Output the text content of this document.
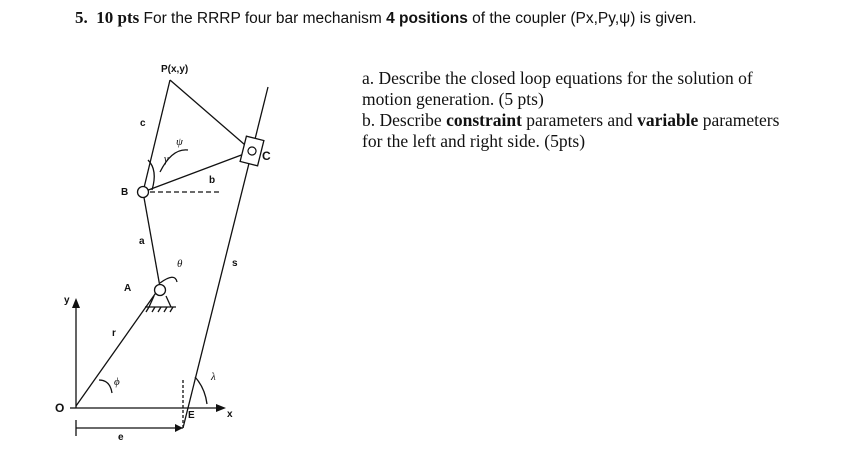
5. 10 pts For the RRRP four bar mechanism 4 positions of the coupler (Px,Py,ψ) is given.
P(x,y)
c
ψ
γ
b
C
B
a
θ	s
A
y
r
ϕ	λ
O
E	x
e
a. Describe the closed loop equations for the solution of motion generation. (5 pts)
b. Describe constraint parameters and variable parameters for the left and right side. (5pts)
